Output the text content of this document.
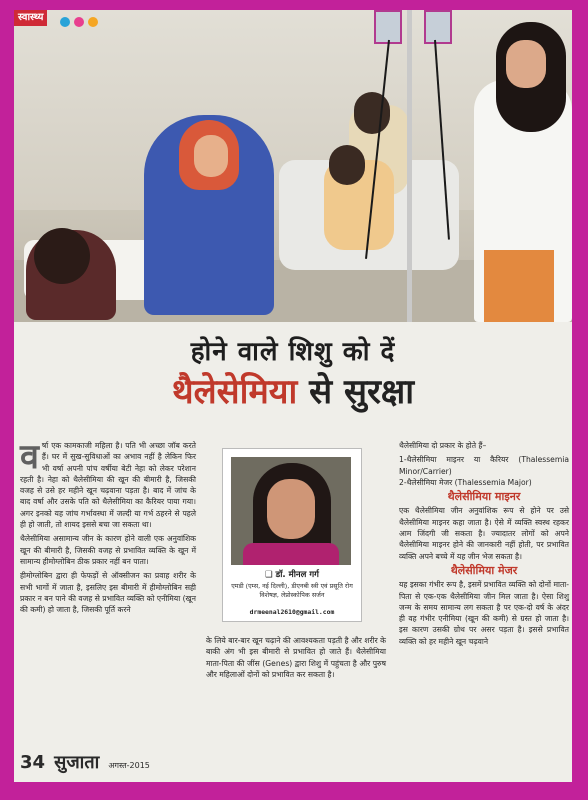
स्वास्थ्य
होने वाले शिशु को दें
थैलेसेमिया से सुरक्षा
व र्षा एक कामकाजी महिला है। पति भी अच्छा जॉब करते हैं। घर में सुख-सुविधाओं का अभाव नहीं है लेकिन फिर भी वर्षा अपनी पांच वर्षीया बेटी नेहा को लेकर परेशान रहती है। नेहा को थैलेसीमिया की खून की बीमारी है, जिसकी वजह से उसे हर महीने खून चढ़वाना पड़ता है। बाद में जांच के बाद वर्षा और उसके पति को थैलेसीमिया का कैरियर पाया गया। अगर इनको यह जांच गर्भावस्था में जल्दी या गर्भ ठहरने से पहले ही हो जाती, तो शायद इससे बचा जा सकता था।

थैलेसीमिया असामान्य जीन के कारण होने वाली एक अनुवांशिक खून की बीमारी है, जिसकी वजह से प्रभावित व्यक्ति के खून में सामान्य हीमोग्लोबिन ठीक प्रकार नहीं बन पाता।

हीमोग्लोबिन द्वारा ही फेफड़ों से ऑक्सीजन का प्रवाह शरीर के सभी भागों में जाता है, इसलिए इस बीमारी में हीमोग्लोबिन सही प्रकार न बन पाने की वजह से प्रभावित व्यक्ति को एनीमिया (खून की कमी) हो जाता है, जिसकी पूर्ति करने

❑ डॉ. मीनल गर्ग
एमडी (एम्स, नई दिल्ली), डीएनबी स्त्री एवं प्रसूति रोग विशेषज्ञ, लेप्रोस्कोपिक सर्जन
drmeenal2610@gmail.com

के लिये बार-बार खून चढ़ाने की आवश्यकता पड़ती है और शरीर के बाकी अंग भी इस बीमारी से प्रभावित हो जाते हैं। थैलेसीमिया माता-पिता की जींस (Genes) द्वारा शिशु में पहुंचता है और पुरुष और महिलाओं दोनों को प्रभावित कर सकता है।

थैलेसीमिया दो प्रकार के होते हैं–

1-थैलेसीमिया माइनर या कैरियर (Thalessemia Minor/Carrier)

2-थैलेसीमिया मेजर (Thalessemia Major)

थैलेसीमिया माइनर

एक थैलेसीमिया जीन अनुवांशिक रूप से होने पर उसे थैलेसीमिया माइनर कहा जाता है। ऐसे में व्यक्ति स्वस्थ रहकर आम जिंदगी जी सकता है। ज्यादातर लोगों को अपने थैलेसीमिया माइनर होने की जानकारी नहीं होती, पर प्रभावित व्यक्ति अपने बच्चे में यह जीन भेज सकता है।

थैलेसीमिया मेजर

यह इसका गंभीर रूप है, इसमें प्रभावित व्यक्ति को दोनों माता-पिता से एक-एक थैलेसीमिया जीन मिल जाता है। ऐसा शिशु जन्म के समय सामान्य लग सकता है पर एक-दो वर्ष के अंदर ही वह गंभीर एनीमिया (खून की कमी) से ग्रस्त हो जाता है। इस कारण उसकी ग्रोथ पर असर पड़ता है। इससे प्रभावित व्यक्ति को हर महीने खून चढ़वाने

34 सुजाता अगस्त-2015
